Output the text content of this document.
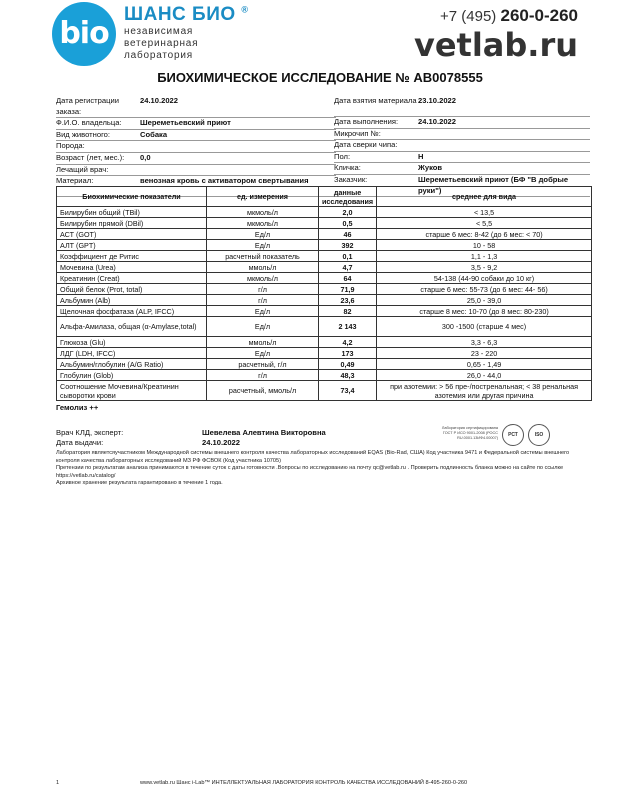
bio
ШАНС БИО ®
независимая
ветеринарная
лаборатория
+7 (495) 260-0-260
vetlab.ru
БИОХИМИЧЕСКОЕ ИССЛЕДОВАНИЕ № АВ0078555
Дата регистрации заказа:
24.10.2022
Ф.И.О. владельца:	Шереметьевский приют
Вид животного:	Собака
Порода:
Возраст (лет, мес.):	0,0
Лечащий врач:
Материал:	венозная кровь с активатором свертывания
Дата взятия материала 23.10.2022
Дата выполнения:	24.10.2022
Микрочип №:
Дата сверки чипа:
Пол:	Н
Кличка:	Жуков
Заказчик:	Шереметьевский приют (БФ "В добрые руки")
Биохимические показатели	ед. измерения	данные исследования	среднее для вида
Билирубин общий (TBil)	мкмоль/л	2,0	< 13,5
Билирубин прямой (DBil)	мкмоль/л	0,5	< 5,5
АСТ (GOT)	Ед/л	46	старше 6 мес: 8-42 (до 6 мес: < 70)
АЛТ (GPT)	Ед/л	392	10 - 58
Коэффициент де Ритис	расчетный показатель	0,1	1,1 - 1,3
Мочевина (Urea)	ммоль/л	4,7	3,5 - 9,2
Креатинин (Creat)	мкмоль/л	64	54-138 (44-90 собаки до 10 кг)
Общий белок (Prot, total)	г/л	71,9	старше 6 мес: 55-73 (до 6 мес: 44- 56)
Альбумин (Alb)	г/л	23,6	25,0 - 39,0
Щелочная фосфатаза (ALP, IFCC)	Ед/л	82	старше 8 мес: 10-70 (до 8 мес: 80-230)
Альфа-Амилаза, общая (α-Amylase,total)	Ед/л	2 143	300 -1500 (старше 4 мес)
Глюкоза (Glu)	ммоль/л	4,2	3,3 - 6,3
ЛДГ (LDH, IFCC)	Ед/л	173	23 - 220
Альбумин/глобулин (A/G Ratio)	расчетный, г/л	0,49	0,65 - 1,49
Глобулин (Glob)	г/л	48,3	26,0 - 44,0
Соотношение Мочевина/Креатинин сыворотки крови	расчетный, ммоль/л	73,4	при азотемии: > 56 пре-/постренальная; < 38 ренальная азотемия или другая причина
Гемолиз ++
Врач КЛД, эксперт:	Шевелева Алевтина Викторовна
Дата выдачи:	24.10.2022
Лаборатория сертифицирована ГОСТ Р ИСО 9001-2008 (РОСС RU.0001.13ИФ4.00007)	РСТ	ISO
Лаборатория являетсяучастником Международной системы внешнего контроля качества лабораторных исследований EQAS (Bio-Rad, США) Код участника 9471 и Федеральной системы внешнего контроля качества лабораторных исследований МЗ РФ ФСВОК (Код участника 10705)
Претензии по результатам анализа принимаются в течение суток с даты готовности .Вопросы по исследованию на почту qc@vetlab.ru . Проверить подлинность бланка можно на сайте по ссылке https://vetlab.ru/catalog/
Архивное хранение результата гарантировано в течение 1 года.
1	www.vetlab.ru Шанс i-Lab™ ИНТЕЛЛЕКТУАЛЬНАЯ ЛАБОРАТОРИЯ КОНТРОЛЬ КАЧЕСТВА ИССЛЕДОВАНИЙ 8-495-260-0-260
